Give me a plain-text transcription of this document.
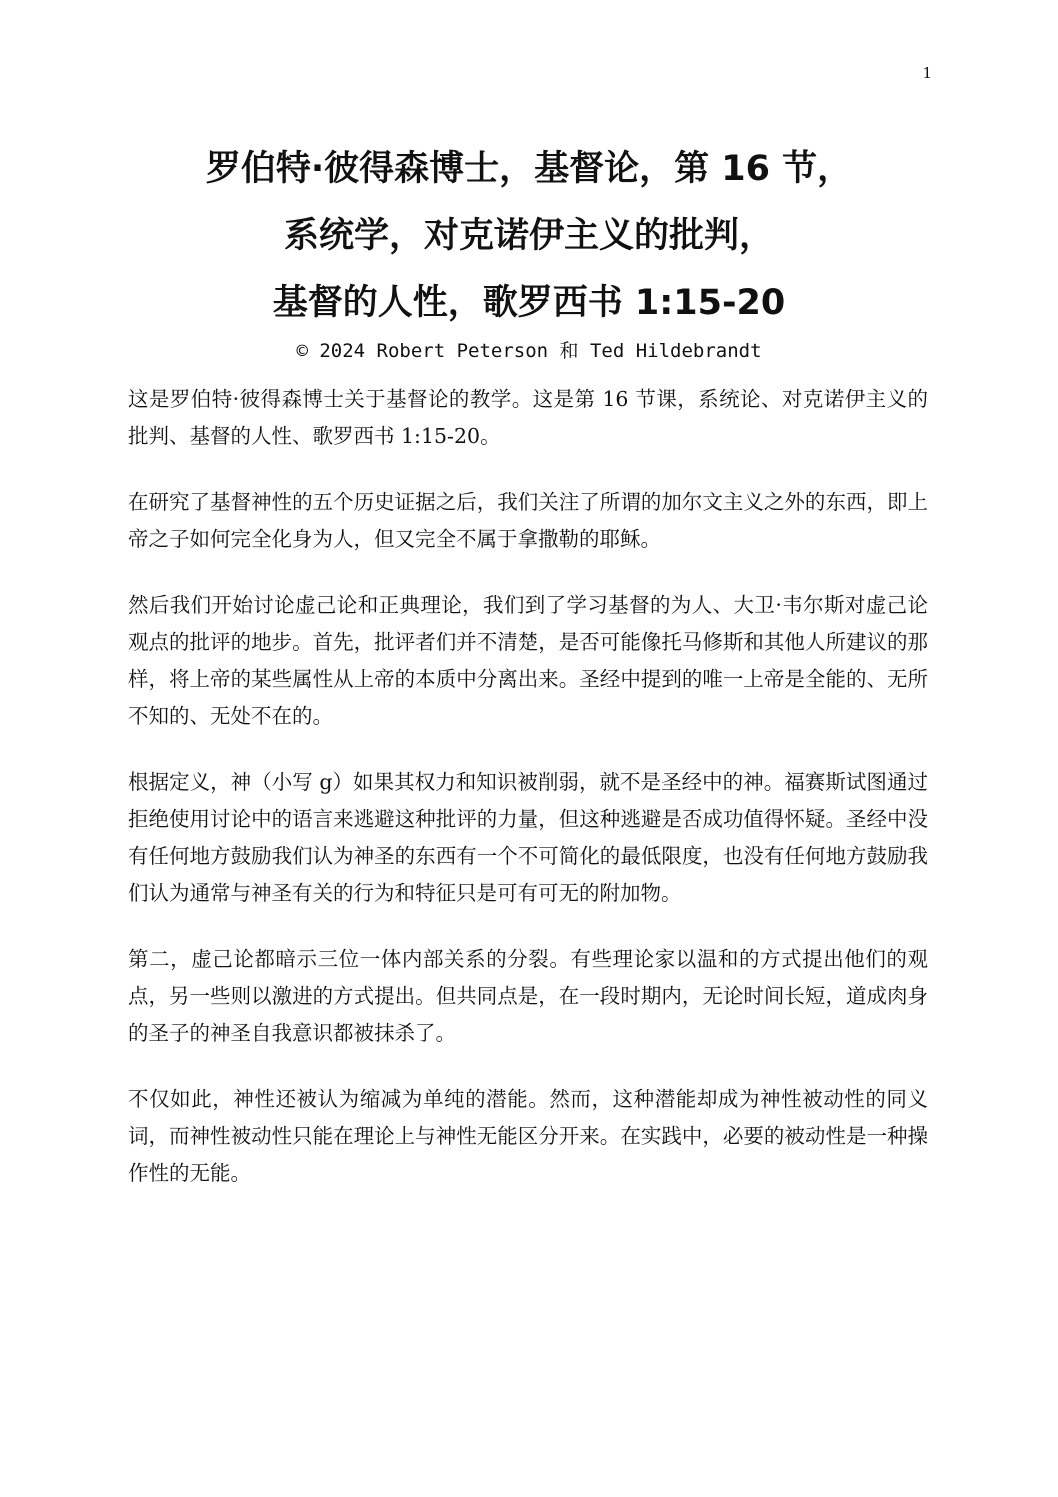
1
罗伯特·彼得森博士，基督论，第 16 节，
系统学，对克诺伊主义的批判，
基督的人性，歌罗西书 1:15-20
© 2024 Robert Peterson 和 Ted Hildebrandt

这是罗伯特·彼得森博士关于基督论的教学。这是第 16 节课，系统论、对克诺伊主义的批判、基督的人性、歌罗西书 1:15-20。

在研究了基督神性的五个历史证据之后，我们关注了所谓的加尔文主义之外的东西，即上帝之子如何完全化身为人，但又完全不属于拿撒勒的耶稣。

然后我们开始讨论虚己论和正典理论，我们到了学习基督的为人、大卫·韦尔斯对虚己论观点的批评的地步。首先，批评者们并不清楚，是否可能像托马修斯和其他人所建议的那样，将上帝的某些属性从上帝的本质中分离出来。圣经中提到的唯一上帝是全能的、无所不知的、无处不在的。

根据定义，神（小写 g）如果其权力和知识被削弱，就不是圣经中的神。福赛斯试图通过拒绝使用讨论中的语言来逃避这种批评的力量，但这种逃避是否成功值得怀疑。圣经中没有任何地方鼓励我们认为神圣的东西有一个不可简化的最低限度，也没有任何地方鼓励我们认为通常与神圣有关的行为和特征只是可有可无的附加物。

第二，虚己论都暗示三位一体内部关系的分裂。有些理论家以温和的方式提出他们的观点，另一些则以激进的方式提出。但共同点是，在一段时期内，无论时间长短，道成肉身的圣子的神圣自我意识都被抹杀了。

不仅如此，神性还被认为缩减为单纯的潜能。然而，这种潜能却成为神性被动性的同义词，而神性被动性只能在理论上与神性无能区分开来。在实践中，必要的被动性是一种操作性的无能。
